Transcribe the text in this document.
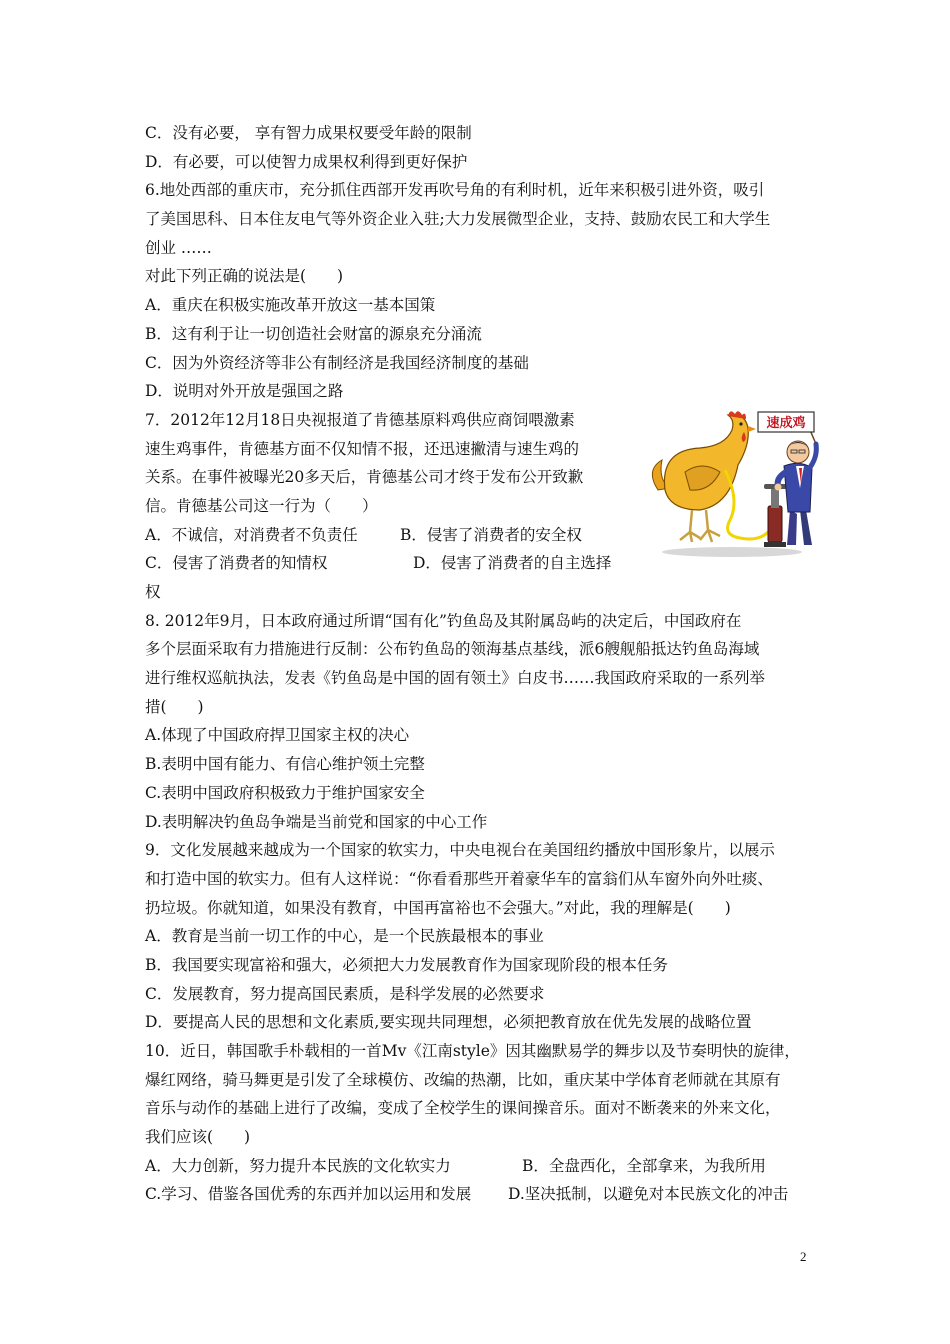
C．没有必要， 享有智力成果权要受年龄的限制
D．有必要，可以使智力成果权利得到更好保护
6.地处西部的重庆市，充分抓住西部开发再吹号角的有利时机，近年来积极引进外资，吸引
了美国思科、日本住友电气等外资企业入驻;大力发展微型企业，支持、鼓励农民工和大学生
创业 ……
对此下列正确的说法是(　　)
A．重庆在积极实施改革开放这一基本国策
B．这有利于让一切创造社会财富的源泉充分涌流
C．因为外资经济等非公有制经济是我国经济制度的基础
D．说明对外开放是强国之路
7．2012年12月18日央视报道了肯德基原料鸡供应商饲喂激素
速生鸡事件，肯德基方面不仅知情不报，还迅速撇清与速生鸡的
关系。在事件被曝光20多天后，肯德基公司才终于发布公开致歉
信。肯德基公司这一行为（　　）
A．不诚信，对消费者不负责任	B．侵害了消费者的安全权
C．侵害了消费者的知情权	D．侵害了消费者的自主选择
权
速成鸡
8. 2012年9月，日本政府通过所谓“国有化”钓鱼岛及其附属岛屿的决定后，中国政府在
多个层面采取有力措施进行反制：公布钓鱼岛的领海基点基线，派6艘舰船抵达钓鱼岛海域
进行维权巡航执法，发表《钓鱼岛是中国的固有领土》白皮书……我国政府采取的一系列举
措(　　)
A.体现了中国政府捍卫国家主权的决心
B.表明中国有能力、有信心维护领土完整
C.表明中国政府积极致力于维护国家安全
D.表明解决钓鱼岛争端是当前党和国家的中心工作
9．文化发展越来越成为一个国家的软实力，中央电视台在美国纽约播放中国形象片，以展示
和打造中国的软实力。但有人这样说：“你看看那些开着豪华车的富翁们从车窗外向外吐痰、
扔垃圾。你就知道，如果没有教育，中国再富裕也不会强大。”对此，我的理解是(　　)
A．教育是当前一切工作的中心，是一个民族最根本的事业
B．我国要实现富裕和强大，必须把大力发展教育作为国家现阶段的根本任务
C．发展教育，努力提高国民素质，是科学发展的必然要求
D．要提高人民的思想和文化素质,要实现共同理想，必须把教育放在优先发展的战略位置
10．近日，韩国歌手朴载相的一首Mv《江南style》因其幽默易学的舞步以及节奏明快的旋律，
爆红网络，骑马舞更是引发了全球模仿、改编的热潮，比如，重庆某中学体育老师就在其原有
音乐与动作的基础上进行了改编，变成了全校学生的课间操音乐。面对不断袭来的外来文化，
我们应该(　　)
A．大力创新，努力提升本民族的文化软实力	B．全盘西化，全部拿来，为我所用
C.学习、借鉴各国优秀的东西并加以运用和发展	D.坚决抵制，以避免对本民族文化的冲击
2
